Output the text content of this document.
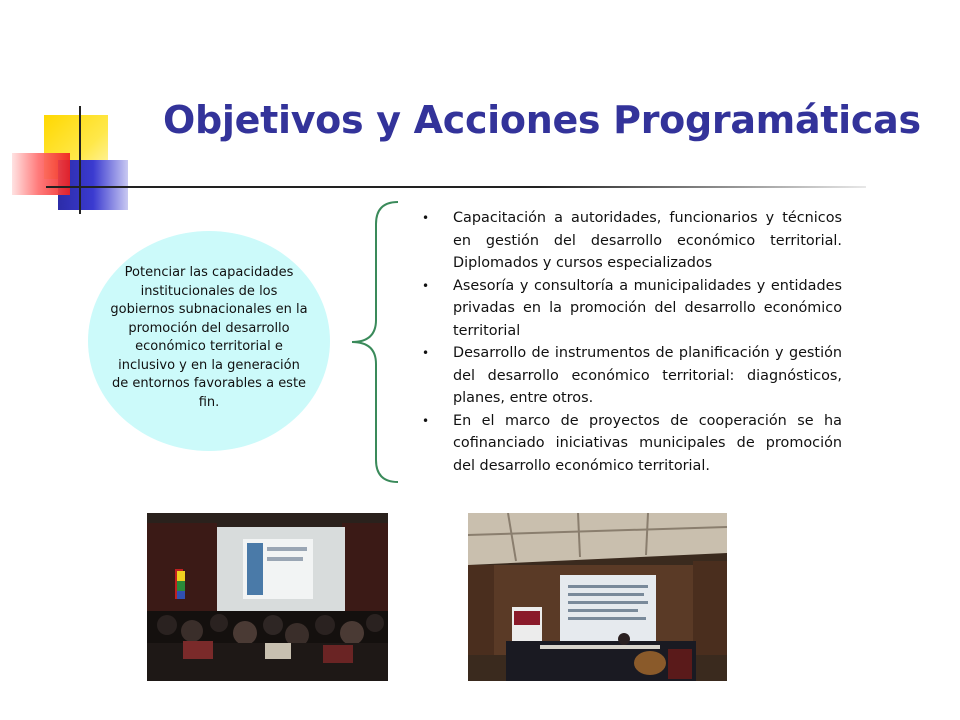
Objetivos y Acciones Programáticas

Potenciar las capacidades institucionales de los gobiernos subnacionales en la promoción del desarrollo económico territorial e inclusivo y en la generación de entornos favorables a este fin.

• Capacitación a autoridades, funcionarios y técnicos en gestión del desarrollo económico territorial. Diplomados y cursos especializados
• Asesoría y consultoría a municipalidades y entidades privadas en la promoción del desarrollo económico territorial
• Desarrollo de instrumentos de planificación y gestión del desarrollo económico territorial: diagnósticos, planes, entre otros.
• En el marco de proyectos de cooperación se ha cofinanciado iniciativas municipales de promoción del desarrollo económico territorial.
